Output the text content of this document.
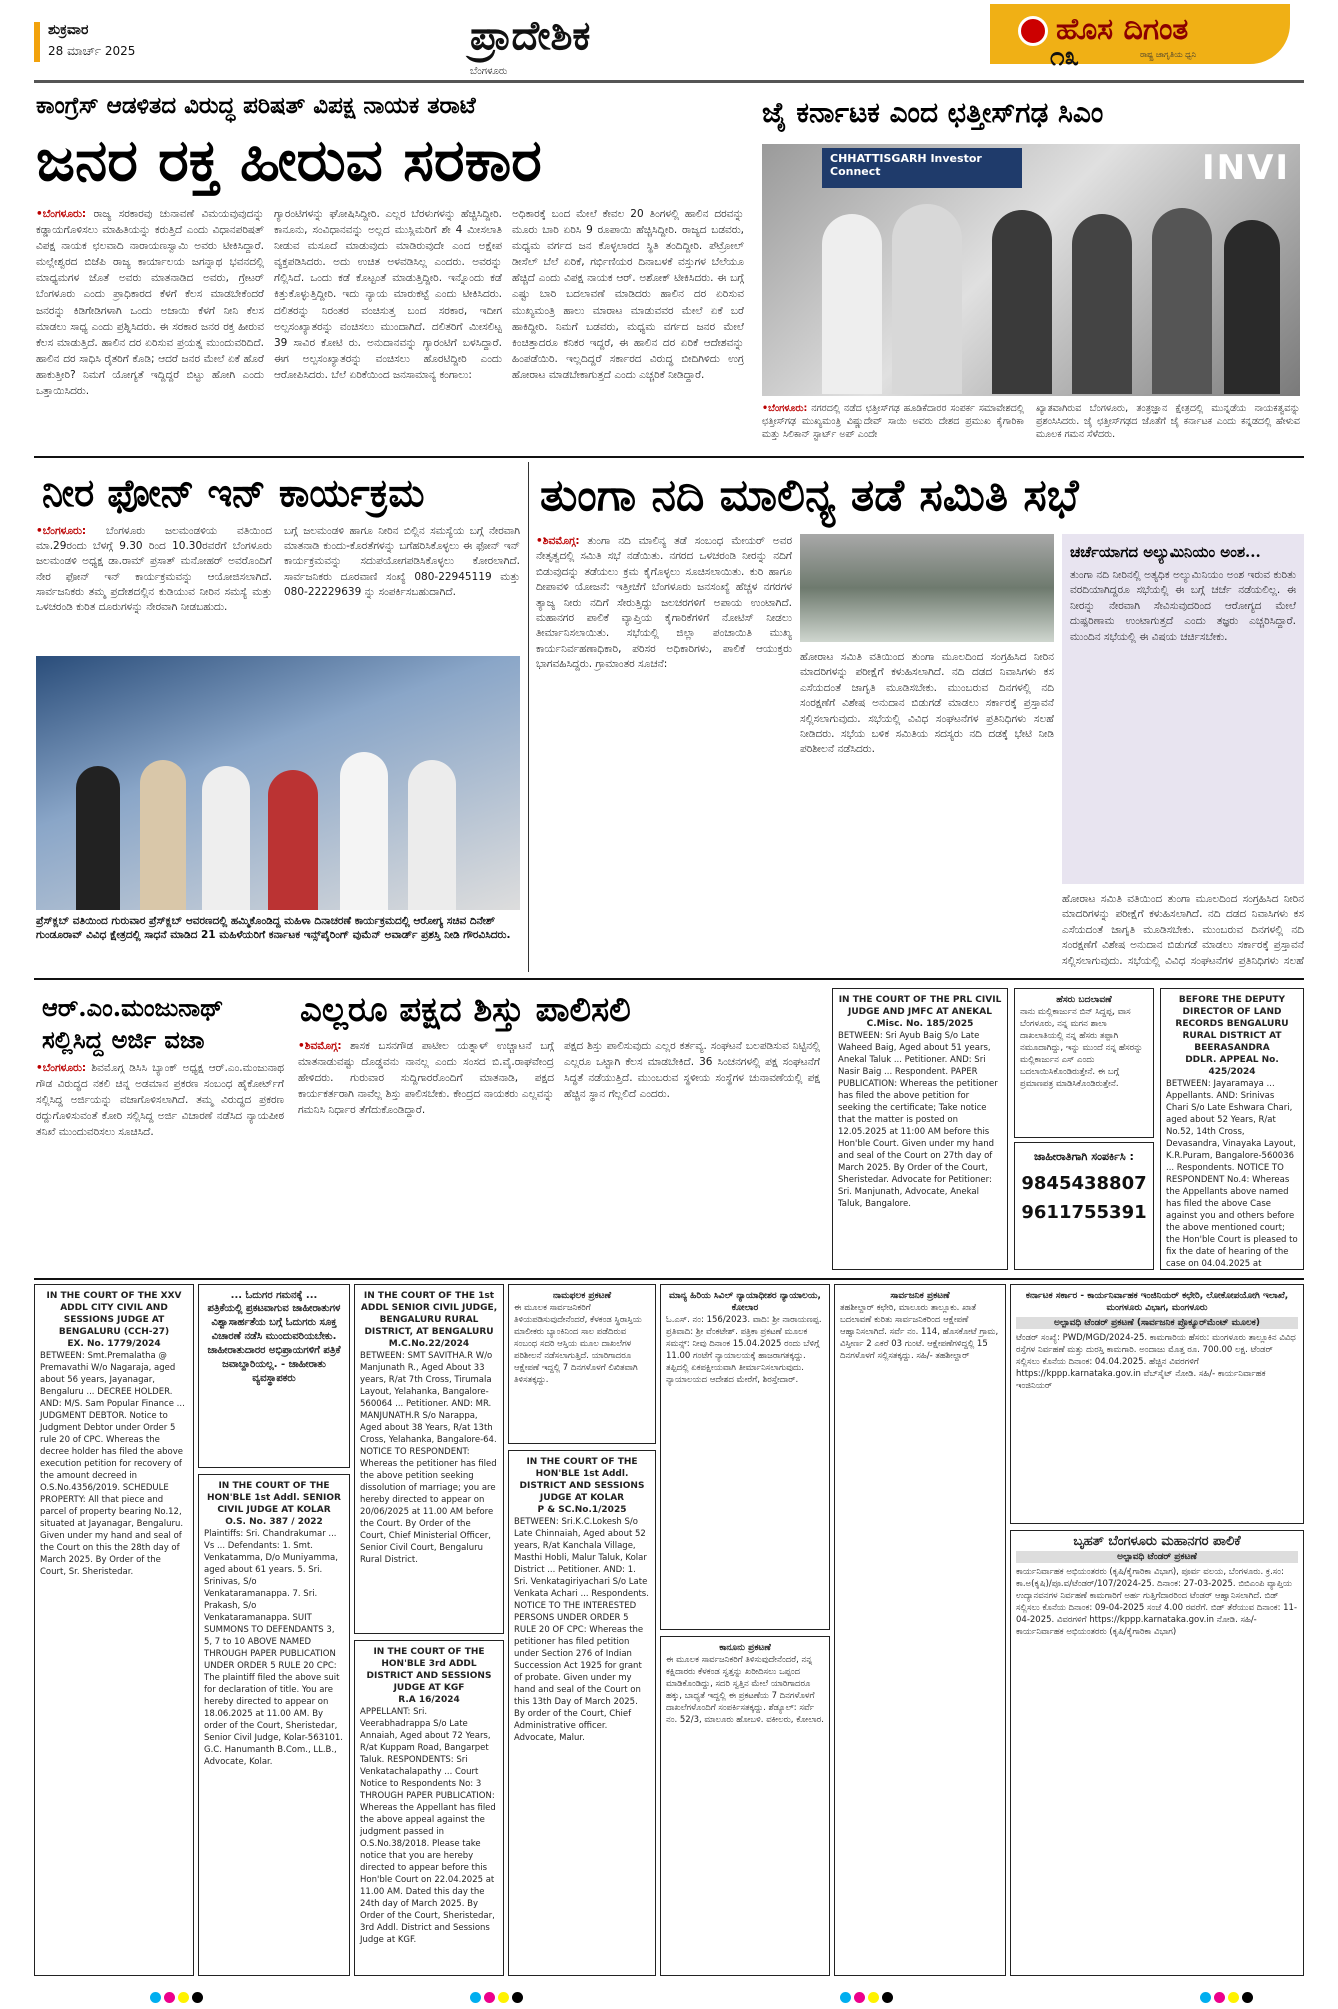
ಶುಕ್ರವಾರ
28 ಮಾರ್ಚ್ 2025	ಪ್ರಾದೇಶಿಕ
ಬೆಂಗಳೂರು
ಹೊಸ ದಿಗಂತ
ರಾಷ್ಟ್ರ ಜಾಗೃತಿಯ ಧ್ವನಿ
೧೩
ಕಾಂಗ್ರೆಸ್ ಆಡಳಿತದ ವಿರುದ್ಧ ಪರಿಷತ್ ವಿಪಕ್ಷ ನಾಯಕ ತರಾಟೆ
ಜನರ ರಕ್ತ ಹೀರುವ ಸರಕಾರ
•ಬೆಂಗಳೂರು: ರಾಜ್ಯ ಸರಕಾರವು ಚುನಾವಣೆ ವಿಮಯವುವುದನ್ನು ಕಡ್ಡಾಯಗೊಳಿಸಲು ಮಾಹಿತಿಯನ್ನು ಕರುತ್ತಿದೆ ಎಂದು ವಿಧಾನಪರಿಷತ್ ವಿಪಕ್ಷ ನಾಯಕ ಛಲವಾದಿ ನಾರಾಯಣಸ್ವಾಮಿ ಅವರು ಟೀಕಿಸಿದ್ದಾರೆ. ಮಲ್ಲೇಶ್ವರದ ಬಿಜೆಪಿ ರಾಜ್ಯ ಕಾರ್ಯಾಲಯ ಜಗನ್ನಾಥ ಭವನದಲ್ಲಿ ಮಾಧ್ಯಮಗಳ ಜೊತೆ ಅವರು ಮಾತನಾಡಿದ ಅವರು, ಗ್ರೇಟರ್ ಬೆಂಗಳೂರು ಎಂದು ಪ್ರಾಧಿಕಾರದ ಕೆಳಗೆ ಕೆಲಸ ಮಾಡಬೇಕೆಂದರೆ ಜನರನ್ನು ಕಿಡಿಗೇಡಿಗಳಾಗಿ ಒಂದು ಅಜಾಯಿ ಕೆಳಗೆ ನೀನಿ ಕೆಲಸ ಮಾಡಲು ಸಾಧ್ಯ ಎಂದು ಪ್ರಶ್ನಿಸಿದರು. ಈ ಸರಕಾರ ಜನರ ರಕ್ತ ಹೀರುವ ಕೆಲಸ ಮಾಡುತ್ತಿದೆ. ಹಾಲಿನ ದರ ಏರಿಸುವ ಪ್ರಯತ್ನ ಮುಂದುವರಿದಿದೆ. ಹಾಲಿನ ದರ ಸಾಧಿಸಿ ರೈತರಿಗೆ ಕೊಡಿ; ಆದರೆ ಜನರ ಮೇಲೆ ಏಕೆ ಹೊರೆ ಹಾಕುತ್ತೀರಿ? ನಿಮಗೆ ಯೋಗ್ಯತೆ ಇದ್ದಿದ್ದರೆ ಬಿಟ್ಟು ಹೋಗಿ ಎಂದು ಒತ್ತಾಯಿಸಿದರು.
ಗ್ಯಾರಂಟಿಗಳನ್ನು ಘೋಷಿಸಿದ್ದೀರಿ. ಎಲ್ಲರ ಬೆರಳುಗಳನ್ನು ಹೆಚ್ಚಿಸಿದ್ದೀರಿ. ಕಾನೂನು, ಸಂವಿಧಾನವನ್ನು ಅಲ್ಲದ ಮುಸ್ಲಿಮರಿಗೆ ಶೇ 4 ಮೀಸಲಾತಿ ನೀಡುವ ಮಸೂದೆ ಮಾಡುವುದು ಮಾಡಿರುವುದೇ ಎಂದ ಅಕ್ಷೇಪ ವ್ಯಕ್ತಪಡಿಸಿದರು. ಅದು ಉಚಿತ ಅಳವಡಿಸಿಲ್ಲ ಎಂದರು. ಅವರನ್ನು ಗೆಲ್ಲಿಸಿದೆ. ಒಂದು ಕಡೆ ಕೊಟ್ಟಂತೆ ಮಾಡುತ್ತಿದ್ದೀರಿ. ಇನ್ನೊಂದು ಕಡೆ ಕಿತ್ತುಕೊಳ್ಳುತ್ತಿದ್ದೀರಿ. ಇದು ನ್ಯಾಯ ಮಾರುಕಟ್ಟೆ ಎಂದು ಟೀಕಿಸಿದರು. ದಲಿತರನ್ನು ನಿರಂತರ ವಂಚಿಸುತ್ತ ಬಂದ ಸರಕಾರ, ಇದೀಗ ಅಲ್ಪಸಂಖ್ಯಾತರನ್ನು ವಂಚಿಸಲು ಮುಂದಾಗಿದೆ. ದಲಿತರಿಗೆ ಮೀಸಲಿಟ್ಟ 39 ಸಾವಿರ ಕೋಟಿ ರು. ಅನುದಾನವನ್ನು ಗ್ಯಾರಂಟಿಗೆ ಬಳಸಿದ್ದಾರೆ. ಈಗ ಅಲ್ಪಸಂಖ್ಯಾತರನ್ನು ವಂಚಿಸಲು ಹೊರಟಿದ್ದೀರಿ ಎಂದು ಆರೋಪಿಸಿದರು. ಬೆಲೆ ಏರಿಕೆಯಿಂದ ಜನಸಾಮಾನ್ಯ ಕಂಗಾಲು:
ಅಧಿಕಾರಕ್ಕೆ ಬಂದ ಮೇಲೆ ಕೇವಲ 20 ತಿಂಗಳಲ್ಲಿ ಹಾಲಿನ ದರವನ್ನು ಮೂರು ಬಾರಿ ಏರಿಸಿ 9 ರೂಪಾಯಿ ಹೆಚ್ಚಿಸಿದ್ದೀರಿ. ರಾಜ್ಯದ ಬಡವರು, ಮಧ್ಯಮ ವರ್ಗದ ಜನ ಕೊಳ್ಳಲಾರದ ಸ್ಥಿತಿ ತಂದಿದ್ದೀರಿ. ಪೆಟ್ರೋಲ್ ಡೀಸೆಲ್ ಬೆಲೆ ಏರಿಕೆ, ಗರ್ಭಿಣಿಯರ ದಿನಾಬಳಕೆ ವಸ್ತುಗಳ ಬೆಲೆಯೂ ಹೆಚ್ಚಿದೆ ಎಂದು ವಿಪಕ್ಷ ನಾಯಕ ಆರ್. ಅಶೋಕ್ ಟೀಕಿಸಿದರು. ಈ ಬಗ್ಗೆ ಎಷ್ಟು ಬಾರಿ ಬದಲಾವಣೆ ಮಾಡಿದರು ಹಾಲಿನ ದರ ಏರಿಸುವ ಮುಖ್ಯಮಂತ್ರಿ ಹಾಲು ಮಾರಾಟ ಮಾಡುವವರ ಮೇಲೆ ಏಕೆ ಬರೆ ಹಾಕಿದ್ದೀರಿ. ನಿಮಗೆ ಬಡವರು, ಮಧ್ಯಮ ವರ್ಗದ ಜನರ ಮೇಲೆ ಕಿಂಚಿತ್ತಾದರೂ ಕನಿಕರ ಇದ್ದರೆ, ಈ ಹಾಲಿನ ದರ ಏರಿಕೆ ಆದೇಶವನ್ನು ಹಿಂಪಡೆಯಿರಿ. ಇಲ್ಲದಿದ್ದರೆ ಸರ್ಕಾರದ ವಿರುದ್ಧ ಬೀದಿಗಿಳಿದು ಉಗ್ರ ಹೋರಾಟ ಮಾಡಬೇಕಾಗುತ್ತದೆ ಎಂದು ಎಚ್ಚರಿಕೆ ನೀಡಿದ್ದಾರೆ.
ಜೈ ಕರ್ನಾಟಕ ಎಂದ ಛತ್ತೀಸ್‌ಗಢ ಸಿಎಂ
CHHATTISGARH Investor Connect	INVI
•ಬೆಂಗಳೂರು: ನಗರದಲ್ಲಿ ನಡೆದ ಛತ್ತೀಸ್‌ಗಢ ಹೂಡಿಕೆದಾರರ ಸಂಪರ್ಕ ಸಮಾವೇಶದಲ್ಲಿ ಛತ್ತೀಸ್‌ಗಢ ಮುಖ್ಯಮಂತ್ರಿ ವಿಷ್ಣುದೇವ್ ಸಾಯಿ ಅವರು ದೇಶದ ಪ್ರಮುಖ ಕೈಗಾರಿಕಾ ಮತ್ತು ಸಿಲಿಕಾನ್ ಸ್ಟಾರ್ಟ್ ಅಪ್ ಎಂದೇ
ಖ್ಯಾತವಾಗಿರುವ ಬೆಂಗಳೂರು, ತಂತ್ರಜ್ಞಾನ ಕ್ಷೇತ್ರದಲ್ಲಿ ಮುನ್ನಡೆಯ ನಾಯಕತ್ವವನ್ನು ಪ್ರಶಂಸಿಸಿದರು. ಜೈ ಛತ್ತೀಸ್‌ಗಢದ ಜೊತೆಗೆ ಜೈ ಕರ್ನಾಟಕ ಎಂದು ಕನ್ನಡದಲ್ಲಿ ಹೇಳುವ ಮೂಲಕ ಗಮನ ಸೆಳೆದರು.
ನೀರ ಫೋನ್ ಇನ್ ಕಾರ್ಯಕ್ರಮ
•ಬೆಂಗಳೂರು: ಬೆಂಗಳೂರು ಜಲಮಂಡಳಿಯ ವತಿಯಿಂದ ಮಾ.29ರಂದು ಬೆಳಗ್ಗೆ 9.30 ರಿಂದ 10.30ರವರೆಗೆ ಬೆಂಗಳೂರು ಜಲಮಂಡಳಿ ಅಧ್ಯಕ್ಷ ಡಾ.ರಾಮ್ ಪ್ರಸಾತ್ ಮನೋಹರ್ ಅವರೊಂದಿಗೆ ನೇರ ಫೋನ್ ಇನ್ ಕಾರ್ಯಕ್ರಮವನ್ನು ಆಯೋಜಿಸಲಾಗಿದೆ. ಸಾರ್ವಜನಿಕರು ತಮ್ಮ ಪ್ರದೇಶದಲ್ಲಿನ ಕುಡಿಯುವ ನೀರಿನ ಸಮಸ್ಯೆ ಮತ್ತು ಒಳಚರಂಡಿ ಕುರಿತ ದೂರುಗಳನ್ನು ನೇರವಾಗಿ ನೀಡಬಹುದು.
ಬಗ್ಗೆ ಜಲಮಂಡಳಿ ಹಾಗೂ ನೀರಿನ ಬಿಲ್ಲಿನ ಸಮಸ್ಯೆಯ ಬಗ್ಗೆ ನೇರವಾಗಿ ಮಾತನಾಡಿ ಕುಂದು-ಕೊರತೆಗಳನ್ನು ಬಗೆಹರಿಸಿಕೊಳ್ಳಲು ಈ ಫೋನ್ ಇನ್ ಕಾರ್ಯಕ್ರಮವನ್ನು ಸದುಪಯೋಗಪಡಿಸಿಕೊಳ್ಳಲು ಕೋರಲಾಗಿದೆ. ಸಾರ್ವಜನಿಕರು ದೂರವಾಣಿ ಸಂಖ್ಯೆ 080-22945119 ಮತ್ತು 080-22229639 ನ್ನು ಸಂಪರ್ಕಿಸಬಹುದಾಗಿದೆ.
ಪ್ರೆಸ್‌ಕ್ಲಬ್ ವತಿಯಿಂದ ಗುರುವಾರ ಪ್ರೆಸ್‌ಕ್ಲಬ್ ಆವರಣದಲ್ಲಿ ಹಮ್ಮಿಕೊಂಡಿದ್ದ ಮಹಿಳಾ ದಿನಾಚರಣೆ ಕಾರ್ಯಕ್ರಮದಲ್ಲಿ ಆರೋಗ್ಯ ಸಚಿವ ದಿನೇಶ್ ಗುಂಡೂರಾವ್ ವಿವಿಧ ಕ್ಷೇತ್ರದಲ್ಲಿ ಸಾಧನೆ ಮಾಡಿದ 21 ಮಹಿಳೆಯರಿಗೆ ಕರ್ನಾಟಕ ಇನ್ಸ್‌ಪೈರಿಂಗ್ ವುಮೆನ್ ಅವಾರ್ಡ್ ಪ್ರಶಸ್ತಿ ನೀಡಿ ಗೌರವಿಸಿದರು.
ತುಂಗಾ ನದಿ ಮಾಲಿನ್ಯ ತಡೆ ಸಮಿತಿ ಸಭೆ
•ಶಿವಮೊಗ್ಗ: ತುಂಗಾ ನದಿ ಮಾಲಿನ್ಯ ತಡೆ ಸಂಬಂಧ ಮೇಯರ್ ಅವರ ನೇತೃತ್ವದಲ್ಲಿ ಸಮಿತಿ ಸಭೆ ನಡೆಯಿತು. ನಗರದ ಒಳಚರಂಡಿ ನೀರನ್ನು ನದಿಗೆ ಬಿಡುವುದನ್ನು ತಡೆಯಲು ಕ್ರಮ ಕೈಗೊಳ್ಳಲು ಸೂಚಿಸಲಾಯಿತು. ಕುರಿ ಹಾಗೂ ದೀಪಾವಳಿ ಯೋಜನೆ: ಇತ್ತೀಚೆಗೆ ಬೆಂಗಳೂರು ಜನಸಂಖ್ಯೆ ಹೆಚ್ಚಳ ನಗರಗಳ ತ್ಯಾಜ್ಯ ನೀರು ನದಿಗೆ ಸೇರುತ್ತಿದ್ದು ಜಲಚರಗಳಿಗೆ ಅಪಾಯ ಉಂಟಾಗಿದೆ. ಮಹಾನಗರ ಪಾಲಿಕೆ ವ್ಯಾಪ್ತಿಯ ಕೈಗಾರಿಕೆಗಳಿಗೆ ನೋಟಿಸ್ ನೀಡಲು ತೀರ್ಮಾನಿಸಲಾಯಿತು. ಸಭೆಯಲ್ಲಿ ಜಿಲ್ಲಾ ಪಂಚಾಯಿತಿ ಮುಖ್ಯ ಕಾರ್ಯನಿರ್ವಹಣಾಧಿಕಾರಿ, ಪರಿಸರ ಅಧಿಕಾರಿಗಳು, ಪಾಲಿಕೆ ಆಯುಕ್ತರು ಭಾಗವಹಿಸಿದ್ದರು. ಗ್ರಾಮಾಂತರ ಸೂಚನೆ:
ಹೋರಾಟ ಸಮಿತಿ ವತಿಯಿಂದ ತುಂಗಾ ಮೂಲದಿಂದ ಸಂಗ್ರಹಿಸಿದ ನೀರಿನ ಮಾದರಿಗಳನ್ನು ಪರೀಕ್ಷೆಗೆ ಕಳುಹಿಸಲಾಗಿದೆ. ನದಿ ದಡದ ನಿವಾಸಿಗಳು ಕಸ ಎಸೆಯದಂತೆ ಜಾಗೃತಿ ಮೂಡಿಸಬೇಕು. ಮುಂಬರುವ ದಿನಗಳಲ್ಲಿ ನದಿ ಸಂರಕ್ಷಣೆಗೆ ವಿಶೇಷ ಅನುದಾನ ಬಿಡುಗಡೆ ಮಾಡಲು ಸರ್ಕಾರಕ್ಕೆ ಪ್ರಸ್ತಾವನೆ ಸಲ್ಲಿಸಲಾಗುವುದು. ಸಭೆಯಲ್ಲಿ ವಿವಿಧ ಸಂಘಟನೆಗಳ ಪ್ರತಿನಿಧಿಗಳು ಸಲಹೆ ನೀಡಿದರು. ಸಭೆಯ ಬಳಿಕ ಸಮಿತಿಯ ಸದಸ್ಯರು ನದಿ ದಡಕ್ಕೆ ಭೇಟಿ ನೀಡಿ ಪರಿಶೀಲನೆ ನಡೆಸಿದರು.
ಚರ್ಚೆಯಾಗದ ಅಲ್ಯುಮಿನಿಯಂ ಅಂಶ...
ತುಂಗಾ ನದಿ ನೀರಿನಲ್ಲಿ ಅತ್ಯಧಿಕ ಅಲ್ಯುಮಿನಿಯಂ ಅಂಶ ಇರುವ ಕುರಿತು ವರದಿಯಾಗಿದ್ದರೂ ಸಭೆಯಲ್ಲಿ ಈ ಬಗ್ಗೆ ಚರ್ಚೆ ನಡೆಯಲಿಲ್ಲ. ಈ ನೀರನ್ನು ನೇರವಾಗಿ ಸೇವಿಸುವುದರಿಂದ ಆರೋಗ್ಯದ ಮೇಲೆ ದುಷ್ಪರಿಣಾಮ ಉಂಟಾಗುತ್ತದೆ ಎಂದು ತಜ್ಞರು ಎಚ್ಚರಿಸಿದ್ದಾರೆ. ಮುಂದಿನ ಸಭೆಯಲ್ಲಿ ಈ ವಿಷಯ ಚರ್ಚಿಸಬೇಕು.
ಹೋರಾಟ ಸಮಿತಿ ವತಿಯಿಂದ ತುಂಗಾ ಮೂಲದಿಂದ ಸಂಗ್ರಹಿಸಿದ ನೀರಿನ ಮಾದರಿಗಳನ್ನು ಪರೀಕ್ಷೆಗೆ ಕಳುಹಿಸಲಾಗಿದೆ. ನದಿ ದಡದ ನಿವಾಸಿಗಳು ಕಸ ಎಸೆಯದಂತೆ ಜಾಗೃತಿ ಮೂಡಿಸಬೇಕು. ಮುಂಬರುವ ದಿನಗಳಲ್ಲಿ ನದಿ ಸಂರಕ್ಷಣೆಗೆ ವಿಶೇಷ ಅನುದಾನ ಬಿಡುಗಡೆ ಮಾಡಲು ಸರ್ಕಾರಕ್ಕೆ ಪ್ರಸ್ತಾವನೆ ಸಲ್ಲಿಸಲಾಗುವುದು. ಸಭೆಯಲ್ಲಿ ವಿವಿಧ ಸಂಘಟನೆಗಳ ಪ್ರತಿನಿಧಿಗಳು ಸಲಹೆ
ಆರ್.ಎಂ.ಮಂಜುನಾಥ್ ಸಲ್ಲಿಸಿದ್ದ ಅರ್ಜಿ ವಜಾ
•ಬೆಂಗಳೂರು: ಶಿವಮೊಗ್ಗ ಡಿಸಿಸಿ ಬ್ಯಾಂಕ್ ಅಧ್ಯಕ್ಷ ಆರ್.ಎಂ.ಮಂಜುನಾಥ ಗೌಡ ವಿರುದ್ಧದ ನಕಲಿ ಚಿನ್ನ ಅಡಮಾನ ಪ್ರಕರಣ ಸಂಬಂಧ ಹೈಕೋರ್ಟ್‌ಗೆ ಸಲ್ಲಿಸಿದ್ದ ಅರ್ಜಿಯನ್ನು ವಜಾಗೊಳಿಸಲಾಗಿದೆ. ತಮ್ಮ ವಿರುದ್ಧದ ಪ್ರಕರಣ ರದ್ದುಗೊಳಿಸುವಂತೆ ಕೋರಿ ಸಲ್ಲಿಸಿದ್ದ ಅರ್ಜಿ ವಿಚಾರಣೆ ನಡೆಸಿದ ನ್ಯಾಯಪೀಠ ತನಿಖೆ ಮುಂದುವರಿಸಲು ಸೂಚಿಸಿದೆ.
ಎಲ್ಲರೂ ಪಕ್ಷದ ಶಿಸ್ತು ಪಾಲಿಸಲಿ
•ಶಿವಮೊಗ್ಗ: ಶಾಸಕ ಬಸನಗೌಡ ಪಾಟೀಲ ಯತ್ನಾಳ್ ಉಚ್ಚಾಟನೆ ಬಗ್ಗೆ ಮಾತನಾಡುವಷ್ಟು ದೊಡ್ಡವನು ನಾನಲ್ಲ ಎಂದು ಸಂಸದ ಬಿ.ವೈ.ರಾಘವೇಂದ್ರ ಹೇಳಿದರು. ಗುರುವಾರ ಸುದ್ದಿಗಾರರೊಂದಿಗೆ ಮಾತನಾಡಿ, ಪಕ್ಷದ ಕಾರ್ಯಕರ್ತರಾಗಿ ನಾವೆಲ್ಲ ಶಿಸ್ತು ಪಾಲಿಸಬೇಕು. ಕೇಂದ್ರದ ನಾಯಕರು ಎಲ್ಲವನ್ನು ಗಮನಿಸಿ ನಿರ್ಧಾರ ತೆಗೆದುಕೊಂಡಿದ್ದಾರೆ.
ಪಕ್ಷದ ಶಿಸ್ತು ಪಾಲಿಸುವುದು ಎಲ್ಲರ ಕರ್ತವ್ಯ. ಸಂಘಟನೆ ಬಲಪಡಿಸುವ ನಿಟ್ಟಿನಲ್ಲಿ ಎಲ್ಲರೂ ಒಟ್ಟಾಗಿ ಕೆಲಸ ಮಾಡಬೇಕಿದೆ. 36 ಸಿಂಚನಗಳಲ್ಲಿ ಪಕ್ಷ ಸಂಘಟನೆಗೆ ಸಿದ್ಧತೆ ನಡೆಯುತ್ತಿದೆ. ಮುಂಬರುವ ಸ್ಥಳೀಯ ಸಂಸ್ಥೆಗಳ ಚುನಾವಣೆಯಲ್ಲಿ ಪಕ್ಷ ಹೆಚ್ಚಿನ ಸ್ಥಾನ ಗೆಲ್ಲಲಿದೆ ಎಂದರು.
IN THE COURT OF THE PRL CIVIL JUDGE AND JMFC AT ANEKAL
C.Misc. No. 185/2025
BETWEEN: Sri Ayub Baig S/o Late Waheed Baig, Aged about 51 years, Anekal Taluk ... Petitioner. AND: Sri Nasir Baig ... Respondent. PAPER PUBLICATION: Whereas the petitioner has filed the above petition for seeking the certificate; Take notice that the matter is posted on 12.05.2025 at 11:00 AM before this Hon'ble Court. Given under my hand and seal of the Court on 27th day of March 2025. By Order of the Court, Sheristedar. Advocate for Petitioner: Sri. Manjunath, Advocate, Anekal Taluk, Bangalore.
ಹೆಸರು ಬದಲಾವಣೆ
ನಾನು ಮಲ್ಲಿಕಾರ್ಜುನ ಬಿನ್ ಸಿದ್ದಪ್ಪ, ವಾಸ ಬೆಂಗಳೂರು, ನನ್ನ ಮಗನ ಶಾಲಾ ದಾಖಲಾತಿಯಲ್ಲಿ ನನ್ನ ಹೆಸರು ತಪ್ಪಾಗಿ ನಮೂದಾಗಿದ್ದು, ಇನ್ನು ಮುಂದೆ ನನ್ನ ಹೆಸರನ್ನು ಮಲ್ಲಿಕಾರ್ಜುನ ಎಸ್ ಎಂದು ಬದಲಾಯಿಸಿಕೊಂಡಿರುತ್ತೇನೆ. ಈ ಬಗ್ಗೆ ಪ್ರಮಾಣಪತ್ರ ಮಾಡಿಸಿಕೊಂಡಿರುತ್ತೇನೆ.
BEFORE THE DEPUTY DIRECTOR OF LAND RECORDS BENGALURU RURAL DISTRICT AT BEERASANDRA
DDLR. APPEAL No. 425/2024
BETWEEN: Jayaramaya ... Appellants. AND: Srinivas Chari S/o Late Eshwara Chari, aged about 52 Years, R/at No.52, 14th Cross, Devasandra, Vinayaka Layout, K.R.Puram, Bangalore-560036 ... Respondents. NOTICE TO RESPONDENT No.4: Whereas the Appellants above named has filed the above Case against you and others before the above mentioned court; the Hon'ble Court is pleased to fix the date of hearing of the case on 04.04.2025 at
ಜಾಹೀರಾತಿಗಾಗಿ ಸಂಪರ್ಕಿಸಿ :
9845438807
9611755391
IN THE COURT OF THE XXV ADDL CITY CIVIL AND SESSIONS JUDGE AT BENGALURU (CCH-27)
EX. No. 1779/2024
BETWEEN: Smt.Premalatha @ Premavathi W/o Nagaraja, aged about 56 years, Jayanagar, Bengaluru ... DECREE HOLDER. AND: M/S. Sam Popular Finance ... JUDGMENT DEBTOR. Notice to Judgment Debtor under Order 5 rule 20 of CPC. Whereas the decree holder has filed the above execution petition for recovery of the amount decreed in O.S.No.4356/2019. SCHEDULE PROPERTY: All that piece and parcel of property bearing No.12, situated at Jayanagar, Bengaluru. Given under my hand and seal of the Court on this the 28th day of March 2025. By Order of the Court, Sr. Sheristedar.
... ಓದುಗರ ಗಮನಕ್ಕೆ ...
ಪತ್ರಿಕೆಯಲ್ಲಿ ಪ್ರಕಟವಾಗುವ ಜಾಹೀರಾತುಗಳ ವಿಶ್ವಾಸಾರ್ಹತೆಯ ಬಗ್ಗೆ ಓದುಗರು ಸೂಕ್ತ ವಿಚಾರಣೆ ನಡೆಸಿ ಮುಂದುವರಿಯಬೇಕು. ಜಾಹೀರಾತುದಾರರ ಅಭಿಪ್ರಾಯಗಳಿಗೆ ಪತ್ರಿಕೆ ಜವಾಬ್ದಾರಿಯಲ್ಲ. - ಜಾಹೀರಾತು ವ್ಯವಸ್ಥಾಪಕರು
IN THE COURT OF THE HON'BLE 1st Addl. SENIOR CIVIL JUDGE AT KOLAR
O.S. No. 387 / 2022
Plaintiffs: Sri. Chandrakumar ... Vs ... Defendants: 1. Smt. Venkatamma, D/o Muniyamma, aged about 61 years. 5. Sri. Srinivas, S/o Venkataramanappa. 7. Sri. Prakash, S/o Venkataramanappa. SUIT SUMMONS TO DEFENDANTS 3, 5, 7 to 10 ABOVE NAMED THROUGH PAPER PUBLICATION UNDER ORDER 5 RULE 20 CPC: The plaintiff filed the above suit for declaration of title. You are hereby directed to appear on 18.06.2025 at 11.00 AM. By order of the Court, Sheristedar, Senior Civil Judge, Kolar-563101. G.C. Hanumanth B.Com., LL.B., Advocate, Kolar.
IN THE COURT OF THE 1st ADDL SENIOR CIVIL JUDGE, BENGALURU RURAL DISTRICT, AT BENGALURU
M.C.No.22/2024
BETWEEN: SMT SAVITHA.R W/o Manjunath R., Aged About 33 years, R/at 7th Cross, Tirumala Layout, Yelahanka, Bangalore-560064 ... Petitioner. AND: MR. MANJUNATH.R S/o Narappa, Aged about 38 Years, R/at 13th Cross, Yelahanka, Bangalore-64. NOTICE TO RESPONDENT: Whereas the petitioner has filed the above petition seeking dissolution of marriage; you are hereby directed to appear on 20/06/2025 at 11.00 AM before the Court. By Order of the Court, Chief Ministerial Officer, Senior Civil Court, Bengaluru Rural District.
IN THE COURT OF THE HON'BLE 3rd ADDL DISTRICT AND SESSIONS JUDGE AT KGF
R.A 16/2024
APPELLANT: Sri. Veerabhadrappa S/o Late Annaiah, Aged about 72 Years, R/at Kuppam Road, Bangarpet Taluk. RESPONDENTS: Sri Venkatachalapathy ... Court Notice to Respondents No: 3 THROUGH PAPER PUBLICATION: Whereas the Appellant has filed the above appeal against the judgment passed in O.S.No.38/2018. Please take notice that you are hereby directed to appear before this Hon'ble Court on 22.04.2025 at 11.00 AM. Dated this day the 24th day of March 2025. By Order of the Court, Sheristedar, 3rd Addl. District and Sessions Judge at KGF.
ನಾಮಫಲಕ ಪ್ರಕಟಣೆ
ಈ ಮೂಲಕ ಸಾರ್ವಜನಿಕರಿಗೆ ತಿಳಿಯಪಡಿಸುವುದೇನೆಂದರೆ, ಕೆಳಕಂಡ ಸ್ಥಿರಾಸ್ತಿಯ ಮಾಲೀಕರು ಬ್ಯಾಂಕಿನಿಂದ ಸಾಲ ಪಡೆದಿರುವ ಸಂಬಂಧ ಸದರಿ ಆಸ್ತಿಯ ಮೂಲ ದಾಖಲೆಗಳ ಪರಿಶೀಲನೆ ನಡೆಸಲಾಗುತ್ತಿದೆ. ಯಾರಿಗಾದರೂ ಆಕ್ಷೇಪಣೆ ಇದ್ದಲ್ಲಿ 7 ದಿನಗಳೊಳಗೆ ಲಿಖಿತವಾಗಿ ತಿಳಿಸತಕ್ಕದ್ದು.
IN THE COURT OF THE HON'BLE 1st Addl. DISTRICT AND SESSIONS JUDGE AT KOLAR
P & SC.No.1/2025
BETWEEN: Sri.K.C.Lokesh S/o Late Chinnaiah, Aged about 52 years, R/at Kanchala Village, Masthi Hobli, Malur Taluk, Kolar District ... Petitioner. AND: 1. Sri. Venkatagiriyachari S/o Late Venkata Achari ... Respondents. NOTICE TO THE INTERESTED PERSONS UNDER ORDER 5 RULE 20 OF CPC: Whereas the petitioner has filed petition under Section 276 of Indian Succession Act 1925 for grant of probate. Given under my hand and seal of the Court on this 13th Day of March 2025. By order of the Court, Chief Administrative officer. Advocate, Malur.
ಮಾನ್ಯ ಹಿರಿಯ ಸಿವಿಲ್ ನ್ಯಾಯಾಧೀಶರ ನ್ಯಾಯಾಲಯ, ಕೋಲಾರ
ಓ.ಎಸ್. ನಂ: 156/2023. ವಾದಿ: ಶ್ರೀ ನಾರಾಯಣಪ್ಪ. ಪ್ರತಿವಾದಿ: ಶ್ರೀ ವೆಂಕಟೇಶ್. ಪತ್ರಿಕಾ ಪ್ರಕಟಣೆ ಮೂಲಕ ಸಮನ್ಸ್: ನೀವು ದಿನಾಂಕ 15.04.2025 ರಂದು ಬೆಳಿಗ್ಗೆ 11.00 ಗಂಟೆಗೆ ನ್ಯಾಯಾಲಯಕ್ಕೆ ಹಾಜರಾಗತಕ್ಕದ್ದು. ತಪ್ಪಿದಲ್ಲಿ ಏಕಪಕ್ಷೀಯವಾಗಿ ತೀರ್ಮಾನಿಸಲಾಗುವುದು. ನ್ಯಾಯಾಲಯದ ಆದೇಶದ ಮೇರೆಗೆ, ಶಿರಸ್ತೇದಾರ್.
ಕಾನೂನು ಪ್ರಕಟಣೆ
ಈ ಮೂಲಕ ಸಾರ್ವಜನಿಕರಿಗೆ ತಿಳಿಸುವುದೇನೆಂದರೆ, ನನ್ನ ಕಕ್ಷಿದಾರರು ಕೆಳಕಂಡ ಸ್ವತ್ತನ್ನು ಖರೀದಿಸಲು ಒಪ್ಪಂದ ಮಾಡಿಕೊಂಡಿದ್ದು, ಸದರಿ ಸ್ವತ್ತಿನ ಮೇಲೆ ಯಾರಿಗಾದರೂ ಹಕ್ಕು, ಬಾಧ್ಯತೆ ಇದ್ದಲ್ಲಿ ಈ ಪ್ರಕಟಣೆಯ 7 ದಿನಗಳೊಳಗೆ ದಾಖಲೆಗಳೊಂದಿಗೆ ಸಂಪರ್ಕಿಸತಕ್ಕದ್ದು. ಶೆಡ್ಯೂಲ್: ಸರ್ವೆ ನಂ. 52/3, ಮಾಲೂರು ಹೋಬಳಿ. ವಕೀಲರು, ಕೋಲಾರ.
ಸಾರ್ವಜನಿಕ ಪ್ರಕಟಣೆ
ತಹಶೀಲ್ದಾರ್ ಕಛೇರಿ, ಮಾಲೂರು ತಾಲ್ಲೂಕು. ಖಾತೆ ಬದಲಾವಣೆ ಕುರಿತು ಸಾರ್ವಜನಿಕರಿಂದ ಆಕ್ಷೇಪಣೆ ಆಹ್ವಾನಿಸಲಾಗಿದೆ. ಸರ್ವೆ ನಂ. 114, ಹೊಸಕೋಟೆ ಗ್ರಾಮ, ವಿಸ್ತೀರ್ಣ 2 ಎಕರೆ 03 ಗುಂಟೆ. ಆಕ್ಷೇಪಣೆಗಳಿದ್ದಲ್ಲಿ 15 ದಿನಗಳೊಳಗೆ ಸಲ್ಲಿಸತಕ್ಕದ್ದು. ಸಹಿ/- ತಹಶೀಲ್ದಾರ್
ಕರ್ನಾಟಕ ಸರ್ಕಾರ - ಕಾರ್ಯನಿರ್ವಾಹಕ ಇಂಜಿನಿಯರ್ ಕಛೇರಿ, ಲೋಕೋಪಯೋಗಿ ಇಲಾಖೆ, ಮಂಗಳೂರು ವಿಭಾಗ, ಮಂಗಳೂರು
ಅಲ್ಪಾವಧಿ ಟೆಂಡರ್ ಪ್ರಕಟಣೆ (ಸಾರ್ವಜನಿಕ ಪ್ರೊಕ್ಯೂರ್‌ಮೆಂಟ್ ಮೂಲಕ)
ಟೆಂಡರ್ ಸಂಖ್ಯೆ: PWD/MGD/2024-25. ಕಾಮಗಾರಿಯ ಹೆಸರು: ಮಂಗಳೂರು ತಾಲ್ಲೂಕಿನ ವಿವಿಧ ರಸ್ತೆಗಳ ನಿರ್ವಹಣೆ ಮತ್ತು ದುರಸ್ತಿ ಕಾಮಗಾರಿ. ಅಂದಾಜು ಮೊತ್ತ ರೂ. 700.00 ಲಕ್ಷ. ಟೆಂಡರ್ ಸಲ್ಲಿಸಲು ಕೊನೆಯ ದಿನಾಂಕ: 04.04.2025. ಹೆಚ್ಚಿನ ವಿವರಗಳಿಗೆ https://kppp.karnataka.gov.in ವೆಬ್‌ಸೈಟ್ ನೋಡಿ. ಸಹಿ/- ಕಾರ್ಯನಿರ್ವಾಹಕ ಇಂಜಿನಿಯರ್
ಬೃಹತ್ ಬೆಂಗಳೂರು ಮಹಾನಗರ ಪಾಲಿಕೆ
ಅಲ್ಪಾವಧಿ ಟೆಂಡರ್ ಪ್ರಕಟಣೆ
ಕಾರ್ಯನಿರ್ವಾಹಕ ಅಭಿಯಂತರರು (ಕೃಷಿ/ಕೈಗಾರಿಕಾ ವಿಭಾಗ), ಪೂರ್ವ ವಲಯ, ಬೆಂಗಳೂರು. ಕ್ರ.ಸಂ: ಕಾ.ಅ(ಕೃಷಿ)/ಪೂ.ವ/ಟೆಂಡರ್/107/2024-25. ದಿನಾಂಕ: 27-03-2025. ಬಿಬಿಎಂಪಿ ವ್ಯಾಪ್ತಿಯ ಉದ್ಯಾನವನಗಳ ನಿರ್ವಹಣೆ ಕಾಮಗಾರಿಗೆ ಅರ್ಹ ಗುತ್ತಿಗೆದಾರರಿಂದ ಟೆಂಡರ್ ಆಹ್ವಾನಿಸಲಾಗಿದೆ. ಬಿಡ್ ಸಲ್ಲಿಸಲು ಕೊನೆಯ ದಿನಾಂಕ: 09-04-2025 ಸಂಜೆ 4.00 ರವರೆಗೆ. ಬಿಡ್ ತೆರೆಯುವ ದಿನಾಂಕ: 11-04-2025. ವಿವರಗಳಿಗೆ https://kppp.karnataka.gov.in ನೋಡಿ. ಸಹಿ/- ಕಾರ್ಯನಿರ್ವಾಹಕ ಅಭಿಯಂತರರು (ಕೃಷಿ/ಕೈಗಾರಿಕಾ ವಿಭಾಗ)
